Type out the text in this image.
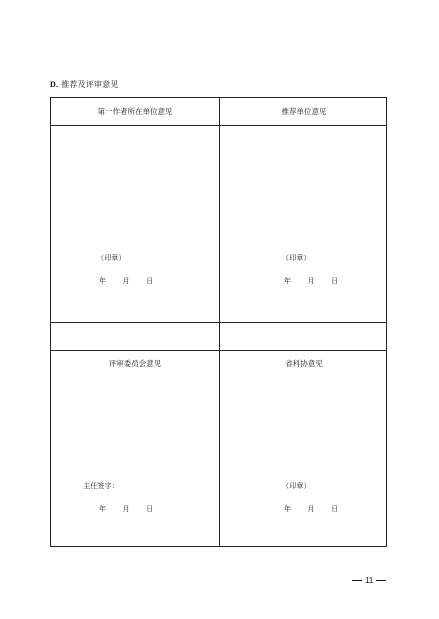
D. 推荐及评审意见
第一作者所在单位意见
（印章）
年 月 日
推荐单位意见
（印章）
年 月 日
评审委员会意见
主任签字：
年 月 日
省科协意见
（印章）
年 月 日
11
